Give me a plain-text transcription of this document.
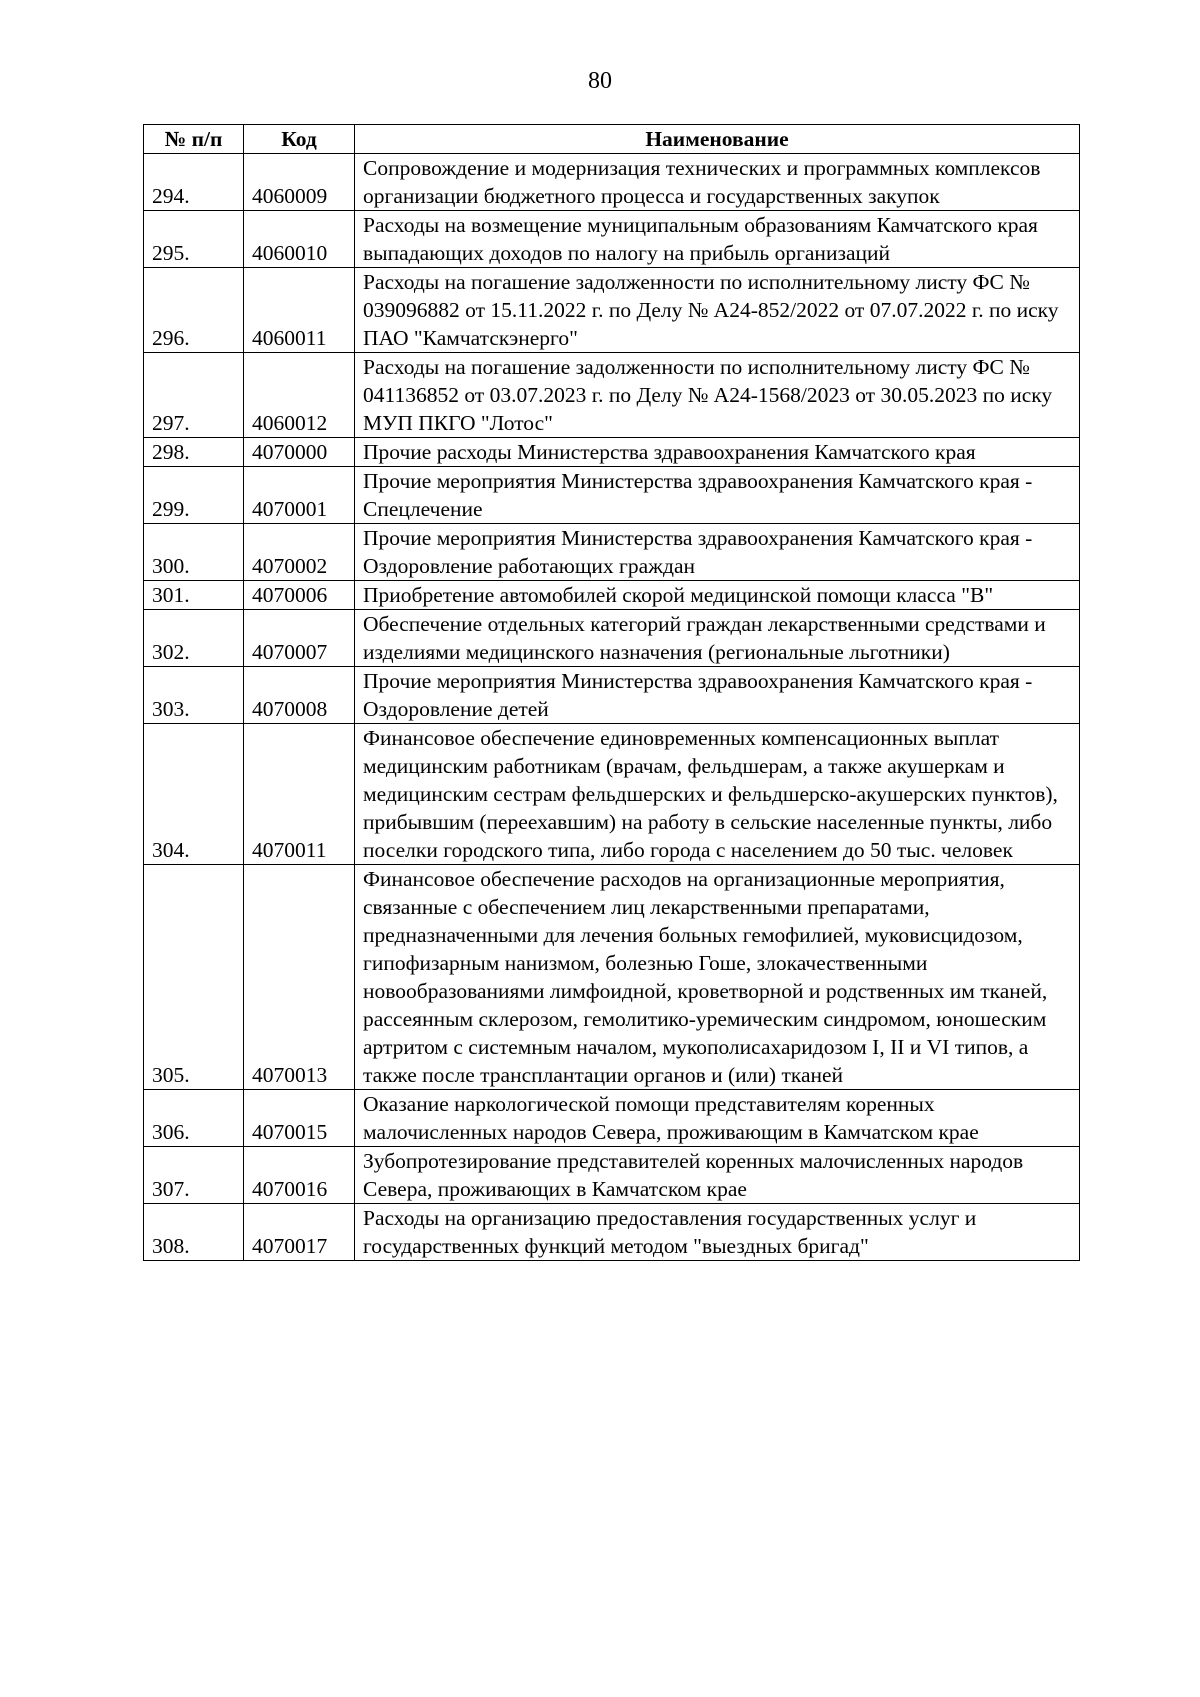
80
№ п/п	Код	Наименование
294.	4060009	Сопровождение и модернизация технических и программных комплексов организации бюджетного процесса и государственных закупок
295.	4060010	Расходы на возмещение муниципальным образованиям Камчатского края выпадающих доходов по налогу на прибыль организаций
296.	4060011	Расходы на погашение задолженности по исполнительному листу ФС № 039096882 от 15.11.2022 г. по Делу № А24-852/2022 от 07.07.2022 г. по иску ПАО "Камчатскэнерго"
297.	4060012	Расходы на погашение задолженности по исполнительному листу ФС № 041136852 от 03.07.2023 г. по Делу № А24-1568/2023 от 30.05.2023 по иску МУП ПКГО "Лотос"
298.	4070000	Прочие расходы Министерства здравоохранения Камчатского края
299.	4070001	Прочие мероприятия Министерства здравоохранения Камчатского края - Спецлечение
300.	4070002	Прочие мероприятия Министерства здравоохранения Камчатского края - Оздоровление работающих граждан
301.	4070006	Приобретение автомобилей скорой медицинской помощи класса "B"
302.	4070007	Обеспечение отдельных категорий граждан лекарственными средствами и изделиями медицинского назначения (региональные льготники)
303.	4070008	Прочие мероприятия Министерства здравоохранения Камчатского края - Оздоровление детей
304.	4070011	Финансовое обеспечение единовременных компенсационных выплат медицинским работникам (врачам, фельдшерам, а также акушеркам и медицинским сестрам фельдшерских и фельдшерско-акушерских пунктов), прибывшим (переехавшим) на работу в сельские населенные пункты, либо поселки городского типа, либо города с населением до 50 тыс. человек
305.	4070013	Финансовое обеспечение расходов на организационные мероприятия, связанные с обеспечением лиц лекарственными препаратами, предназначенными для лечения больных гемофилией, муковисцидозом, гипофизарным нанизмом, болезнью Гоше, злокачественными новообразованиями лимфоидной, кроветворной и родственных им тканей, рассеянным склерозом, гемолитико-уремическим синдромом, юношеским артритом с системным началом, мукополисахаридозом I, II и VI типов, а также после трансплантации органов и (или) тканей
306.	4070015	Оказание наркологической помощи представителям коренных малочисленных народов Севера, проживающим в Камчатском крае
307.	4070016	Зубопротезирование представителей коренных малочисленных народов Севера, проживающих в Камчатском крае
308.	4070017	Расходы на организацию предоставления государственных услуг и государственных функций методом "выездных бригад"
